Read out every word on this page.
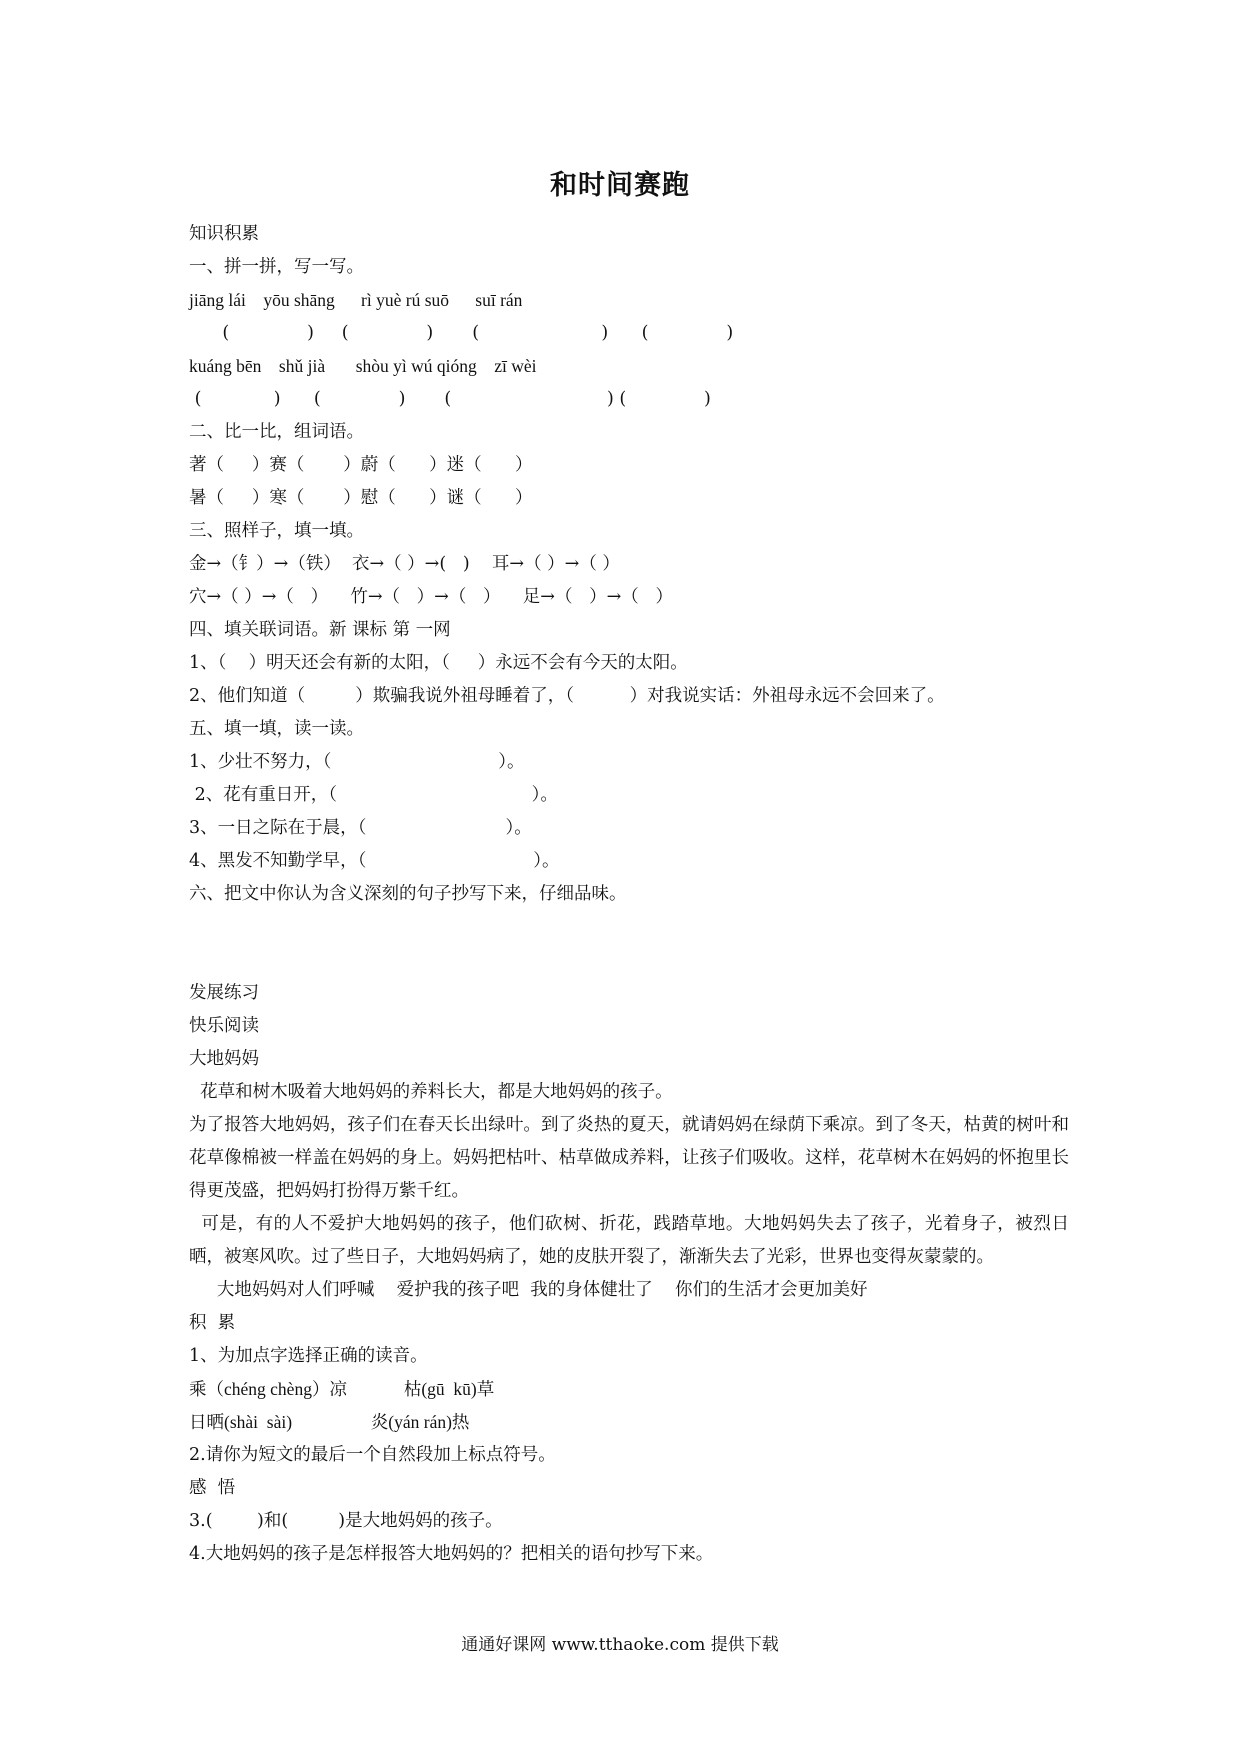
和时间赛跑
知识积累
一、拼一拼，写一写。
jiāng lái    yōu shāng      rì yuè rú suō      suī rán
(              )     (              )       (                      )      (              )
kuáng bēn    shǔ jià       shòu yì wú qióng    zī wèi
(             )      (              )       (                            ) (              )
二、比一比，组词语。
著（     ）赛（       ）蔚（      ）迷（      ）
暑（     ）寒（       ）慰（      ）谜（      ）
三、照样子，填一填。
金→（钅）→（铁）  衣→（ ）→(   )    耳→（ ）→（ ）
穴→（ ）→（   ）    竹→（   ）→（   ）    足→（   ）→（   ）
四、填关联词语。新 课标 第 一网
1、（    ）明天还会有新的太阳，（     ）永远不会有今天的太阳。
2、他们知道（         ）欺骗我说外祖母睡着了，（          ）对我说实话：外祖母永远不会回来了。
五、填一填，读一读。
1、少壮不努力，（                              ）。
2、花有重日开，（                                   ）。
3、一日之际在于晨，（                         ）。
4、黑发不知勤学早，（                              ）。
六、把文中你认为含义深刻的句子抄写下来，仔细品味。
发展练习
快乐阅读
大地妈妈
花草和树木吸着大地妈妈的养料长大，都是大地妈妈的孩子。
为了报答大地妈妈，孩子们在春天长出绿叶。到了炎热的夏天，就请妈妈在绿荫下乘凉。到了冬天，枯黄的树叶和花草像棉被一样盖在妈妈的身上。妈妈把枯叶、枯草做成养料，让孩子们吸收。这样，花草树木在妈妈的怀抱里长得更茂盛，把妈妈打扮得万紫千红。
可是，有的人不爱护大地妈妈的孩子，他们砍树、折花，践踏草地。大地妈妈失去了孩子，光着身子，被烈日晒，被寒风吹。过了些日子，大地妈妈病了，她的皮肤开裂了，渐渐失去了光彩，世界也变得灰蒙蒙的。
大地妈妈对人们呼喊    爱护我的孩子吧  我的身体健壮了    你们的生活才会更加美好
积  累
1、为加点字选择正确的读音。
乘（chéng chèng）凉             枯(gū  kū)草
日晒(shài  sài)                  炎(yán rán)热
2.请你为短文的最后一个自然段加上标点符号。
感  悟
3.(        )和(         )是大地妈妈的孩子。
4.大地妈妈的孩子是怎样报答大地妈妈的？把相关的语句抄写下来。
通通好课网 www.tthaoke.com 提供下载
